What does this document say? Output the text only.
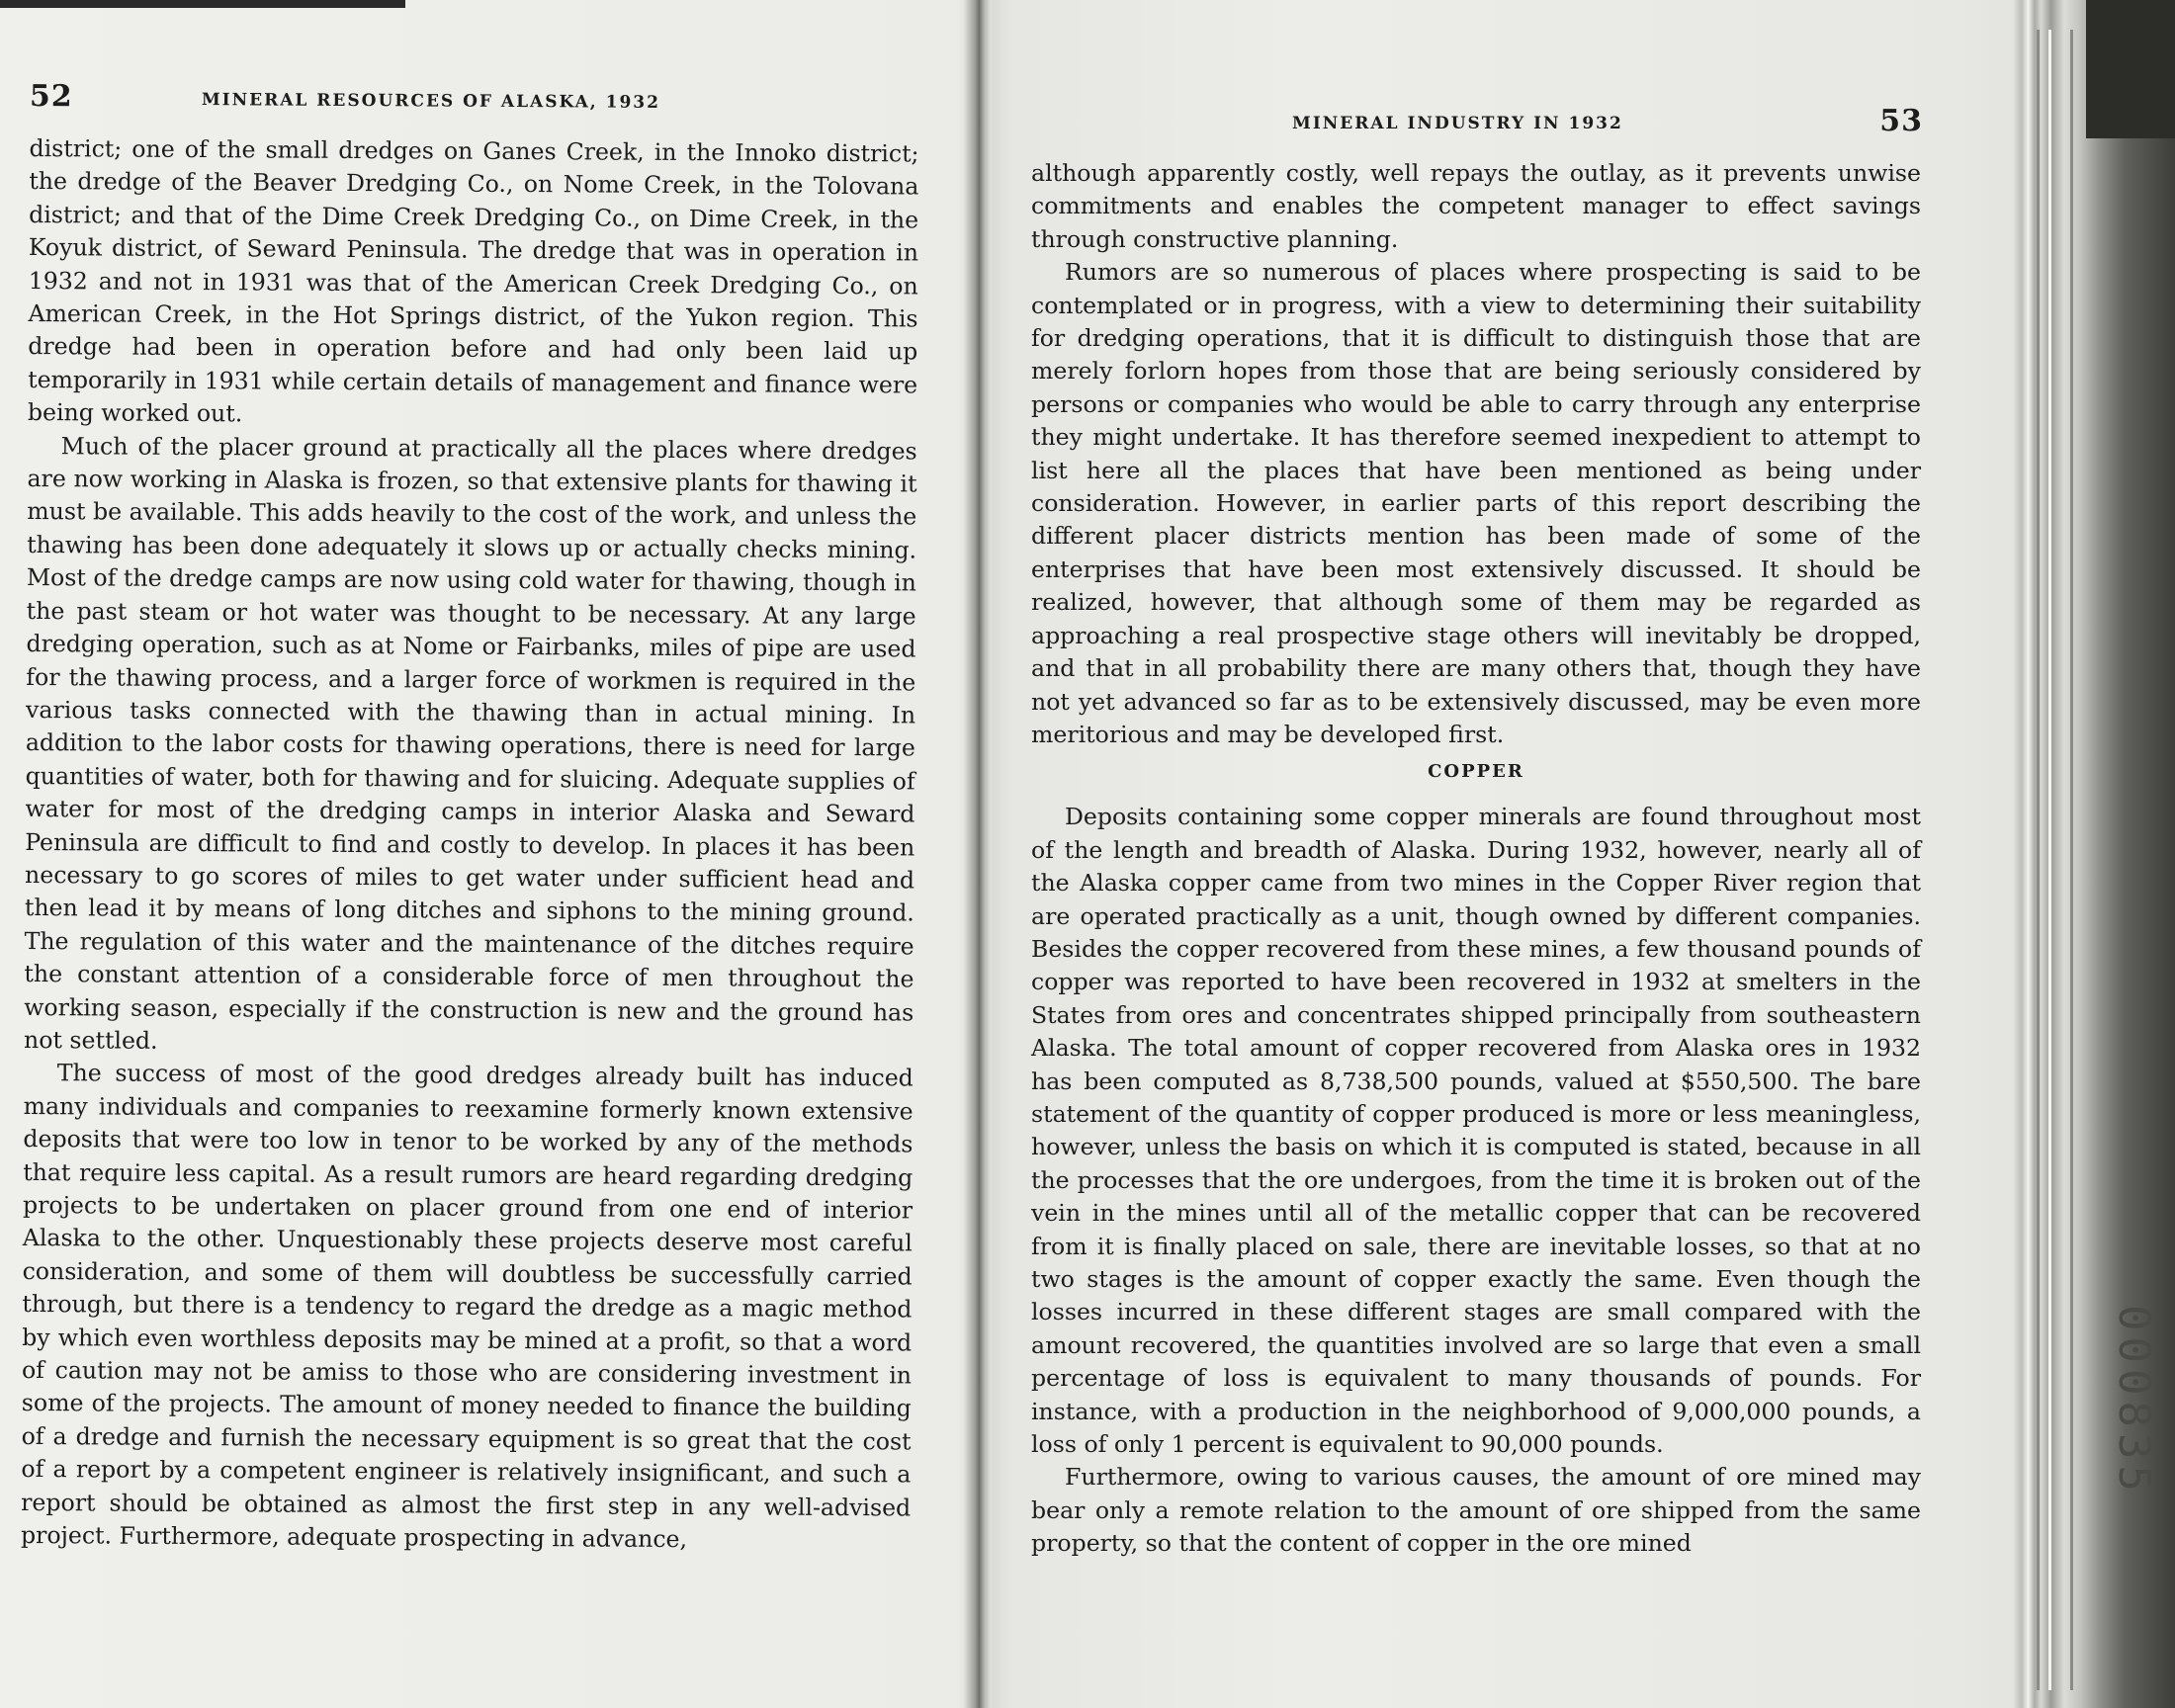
000835
52	MINERAL RESOURCES OF ALASKA, 1932

district; one of the small dredges on Ganes Creek, in the Innoko district; the dredge of the Beaver Dredging Co., on Nome Creek, in the Tolovana district; and that of the Dime Creek Dredging Co., on Dime Creek, in the Koyuk district, of Seward Peninsula. The dredge that was in operation in 1932 and not in 1931 was that of the American Creek Dredging Co., on American Creek, in the Hot Springs district, of the Yukon region. This dredge had been in operation before and had only been laid up temporarily in 1931 while certain details of management and finance were being worked out.

Much of the placer ground at practically all the places where dredges are now working in Alaska is frozen, so that extensive plants for thawing it must be available. This adds heavily to the cost of the work, and unless the thawing has been done adequately it slows up or actually checks mining. Most of the dredge camps are now using cold water for thawing, though in the past steam or hot water was thought to be necessary. At any large dredging operation, such as at Nome or Fairbanks, miles of pipe are used for the thawing process, and a larger force of workmen is required in the various tasks connected with the thawing than in actual mining. In addition to the labor costs for thawing operations, there is need for large quantities of water, both for thawing and for sluicing. Adequate supplies of water for most of the dredging camps in interior Alaska and Seward Peninsula are difficult to find and costly to develop. In places it has been necessary to go scores of miles to get water under sufficient head and then lead it by means of long ditches and siphons to the mining ground. The regulation of this water and the maintenance of the ditches require the constant attention of a considerable force of men throughout the working season, especially if the construction is new and the ground has not settled.

The success of most of the good dredges already built has induced many individuals and companies to reexamine formerly known extensive deposits that were too low in tenor to be worked by any of the methods that require less capital. As a result rumors are heard regarding dredging projects to be undertaken on placer ground from one end of interior Alaska to the other. Unquestionably these projects deserve most careful consideration, and some of them will doubtless be successfully carried through, but there is a tendency to regard the dredge as a magic method by which even worthless deposits may be mined at a profit, so that a word of caution may not be amiss to those who are considering investment in some of the projects. The amount of money needed to finance the building of a dredge and furnish the necessary equipment is so great that the cost of a report by a competent engineer is relatively insignificant, and such a report should be obtained as almost the first step in any well-advised project. Furthermore, adequate prospecting in advance,

MINERAL INDUSTRY IN 1932	53

although apparently costly, well repays the outlay, as it prevents unwise commitments and enables the competent manager to effect savings through constructive planning.

Rumors are so numerous of places where prospecting is said to be contemplated or in progress, with a view to determining their suitability for dredging operations, that it is difficult to distinguish those that are merely forlorn hopes from those that are being seriously considered by persons or companies who would be able to carry through any enterprise they might undertake. It has therefore seemed inexpedient to attempt to list here all the places that have been mentioned as being under consideration. However, in earlier parts of this report describing the different placer districts mention has been made of some of the enterprises that have been most extensively discussed. It should be realized, however, that although some of them may be regarded as approaching a real prospective stage others will inevitably be dropped, and that in all probability there are many others that, though they have not yet advanced so far as to be extensively discussed, may be even more meritorious and may be developed first.

COPPER

Deposits containing some copper minerals are found throughout most of the length and breadth of Alaska. During 1932, however, nearly all of the Alaska copper came from two mines in the Copper River region that are operated practically as a unit, though owned by different companies. Besides the copper recovered from these mines, a few thousand pounds of copper was reported to have been recovered in 1932 at smelters in the States from ores and concentrates shipped principally from southeastern Alaska. The total amount of copper recovered from Alaska ores in 1932 has been computed as 8,738,500 pounds, valued at $550,500. The bare statement of the quantity of copper produced is more or less meaningless, however, unless the basis on which it is computed is stated, because in all the processes that the ore undergoes, from the time it is broken out of the vein in the mines until all of the metallic copper that can be recovered from it is finally placed on sale, there are inevitable losses, so that at no two stages is the amount of copper exactly the same. Even though the losses incurred in these different stages are small compared with the amount recovered, the quantities involved are so large that even a small percentage of loss is equivalent to many thousands of pounds. For instance, with a production in the neighborhood of 9,000,000 pounds, a loss of only 1 percent is equivalent to 90,000 pounds.

Furthermore, owing to various causes, the amount of ore mined may bear only a remote relation to the amount of ore shipped from the same property, so that the content of copper in the ore mined
